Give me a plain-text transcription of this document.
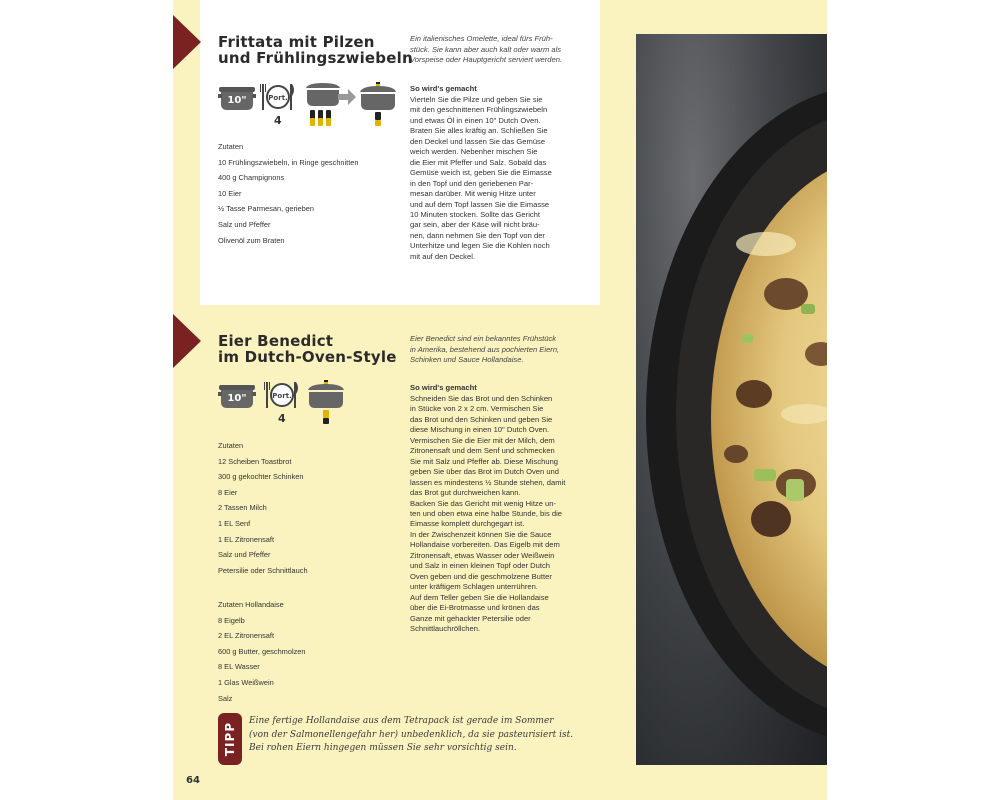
Frittata mit Pilzen
und Frühlingszwiebeln
Ein italienisches Omelette, ideal fürs Früh-
stück. Sie kann aber auch kalt oder warm als
Vorspeise oder Hauptgericht serviert werden.
10"	Port.
4
Zutaten
10 Frühlingszwiebeln, in Ringe geschnitten
400 g Champignons
10 Eier
½ Tasse Parmesan, gerieben
Salz und Pfeffer
Olivenöl zum Braten
So wird's gemacht

Vierteln Sie die Pilze und geben Sie sie

mit den geschnittenen Frühlingszwiebeln

und etwas Öl in einen 10" Dutch Oven.

Braten Sie alles kräftig an. Schließen Sie

den Deckel und lassen Sie das Gemüse

weich werden. Nebenher mischen Sie

die Eier mit Pfeffer und Salz. Sobald das

Gemüse weich ist, geben Sie die Eimasse

in den Topf und den geriebenen Par-

mesan darüber. Mit wenig Hitze unter

und auf dem Topf lassen Sie die Eimasse

10 Minuten stocken. Sollte das Gericht

gar sein, aber der Käse will nicht bräu-

nen, dann nehmen Sie den Topf von der

Unterhitze und legen Sie die Kohlen noch

mit auf den Deckel.

Eier Benedict
im Dutch-Oven-Style
Eier Benedict sind ein bekanntes Frühstück
in Amerika, bestehend aus pochierten Eiern,
Schinken und Sauce Hollandaise.
10"	Port.
4
Zutaten
12 Scheiben Toastbrot
300 g gekochter Schinken
8 Eier
2 Tassen Milch
1 EL Senf
1 EL Zitronensaft
Salz und Pfeffer
Petersilie oder Schnittlauch
Zutaten Hollandaise
8 Eigelb
2 EL Zitronensaft
600 g Butter, geschmolzen
8 EL Wasser
1 Glas Weißwein
Salz
So wird's gemacht

Schneiden Sie das Brot und den Schinken

in Stücke von 2 x 2 cm. Vermischen Sie

das Brot und den Schinken und geben Sie

diese Mischung in einen 10" Dutch Oven.

Vermischen Sie die Eier mit der Milch, dem

Zitronensaft und dem Senf und schmecken

Sie mit Salz und Pfeffer ab. Diese Mischung

geben Sie über das Brot im Dutch Oven und

lassen es mindestens ½ Stunde stehen, damit

das Brot gut durchweichen kann.

Backen Sie das Gericht mit wenig Hitze un-

ten und oben etwa eine halbe Stunde, bis die

Eimasse komplett durchgegart ist.

In der Zwischenzeit können Sie die Sauce

Hollandaise vorbereiten. Das Eigelb mit dem

Zitronensaft, etwas Wasser oder Weißwein

und Salz in einen kleinen Topf oder Dutch

Oven geben und die geschmolzene Butter

unter kräftigem Schlagen unterrühren.

Auf dem Teller geben Sie die Hollandaise

über die Ei-Brotmasse und krönen das

Ganze mit gehackter Petersilie oder

Schnittlauchröllchen.

TIPP
Eine fertige Hollandaise aus dem Tetrapack ist gerade im Sommer
(von der Salmonellengefahr her) unbedenklich, da sie pasteurisiert ist.
Bei rohen Eiern hingegen müssen Sie sehr vorsichtig sein.
64
